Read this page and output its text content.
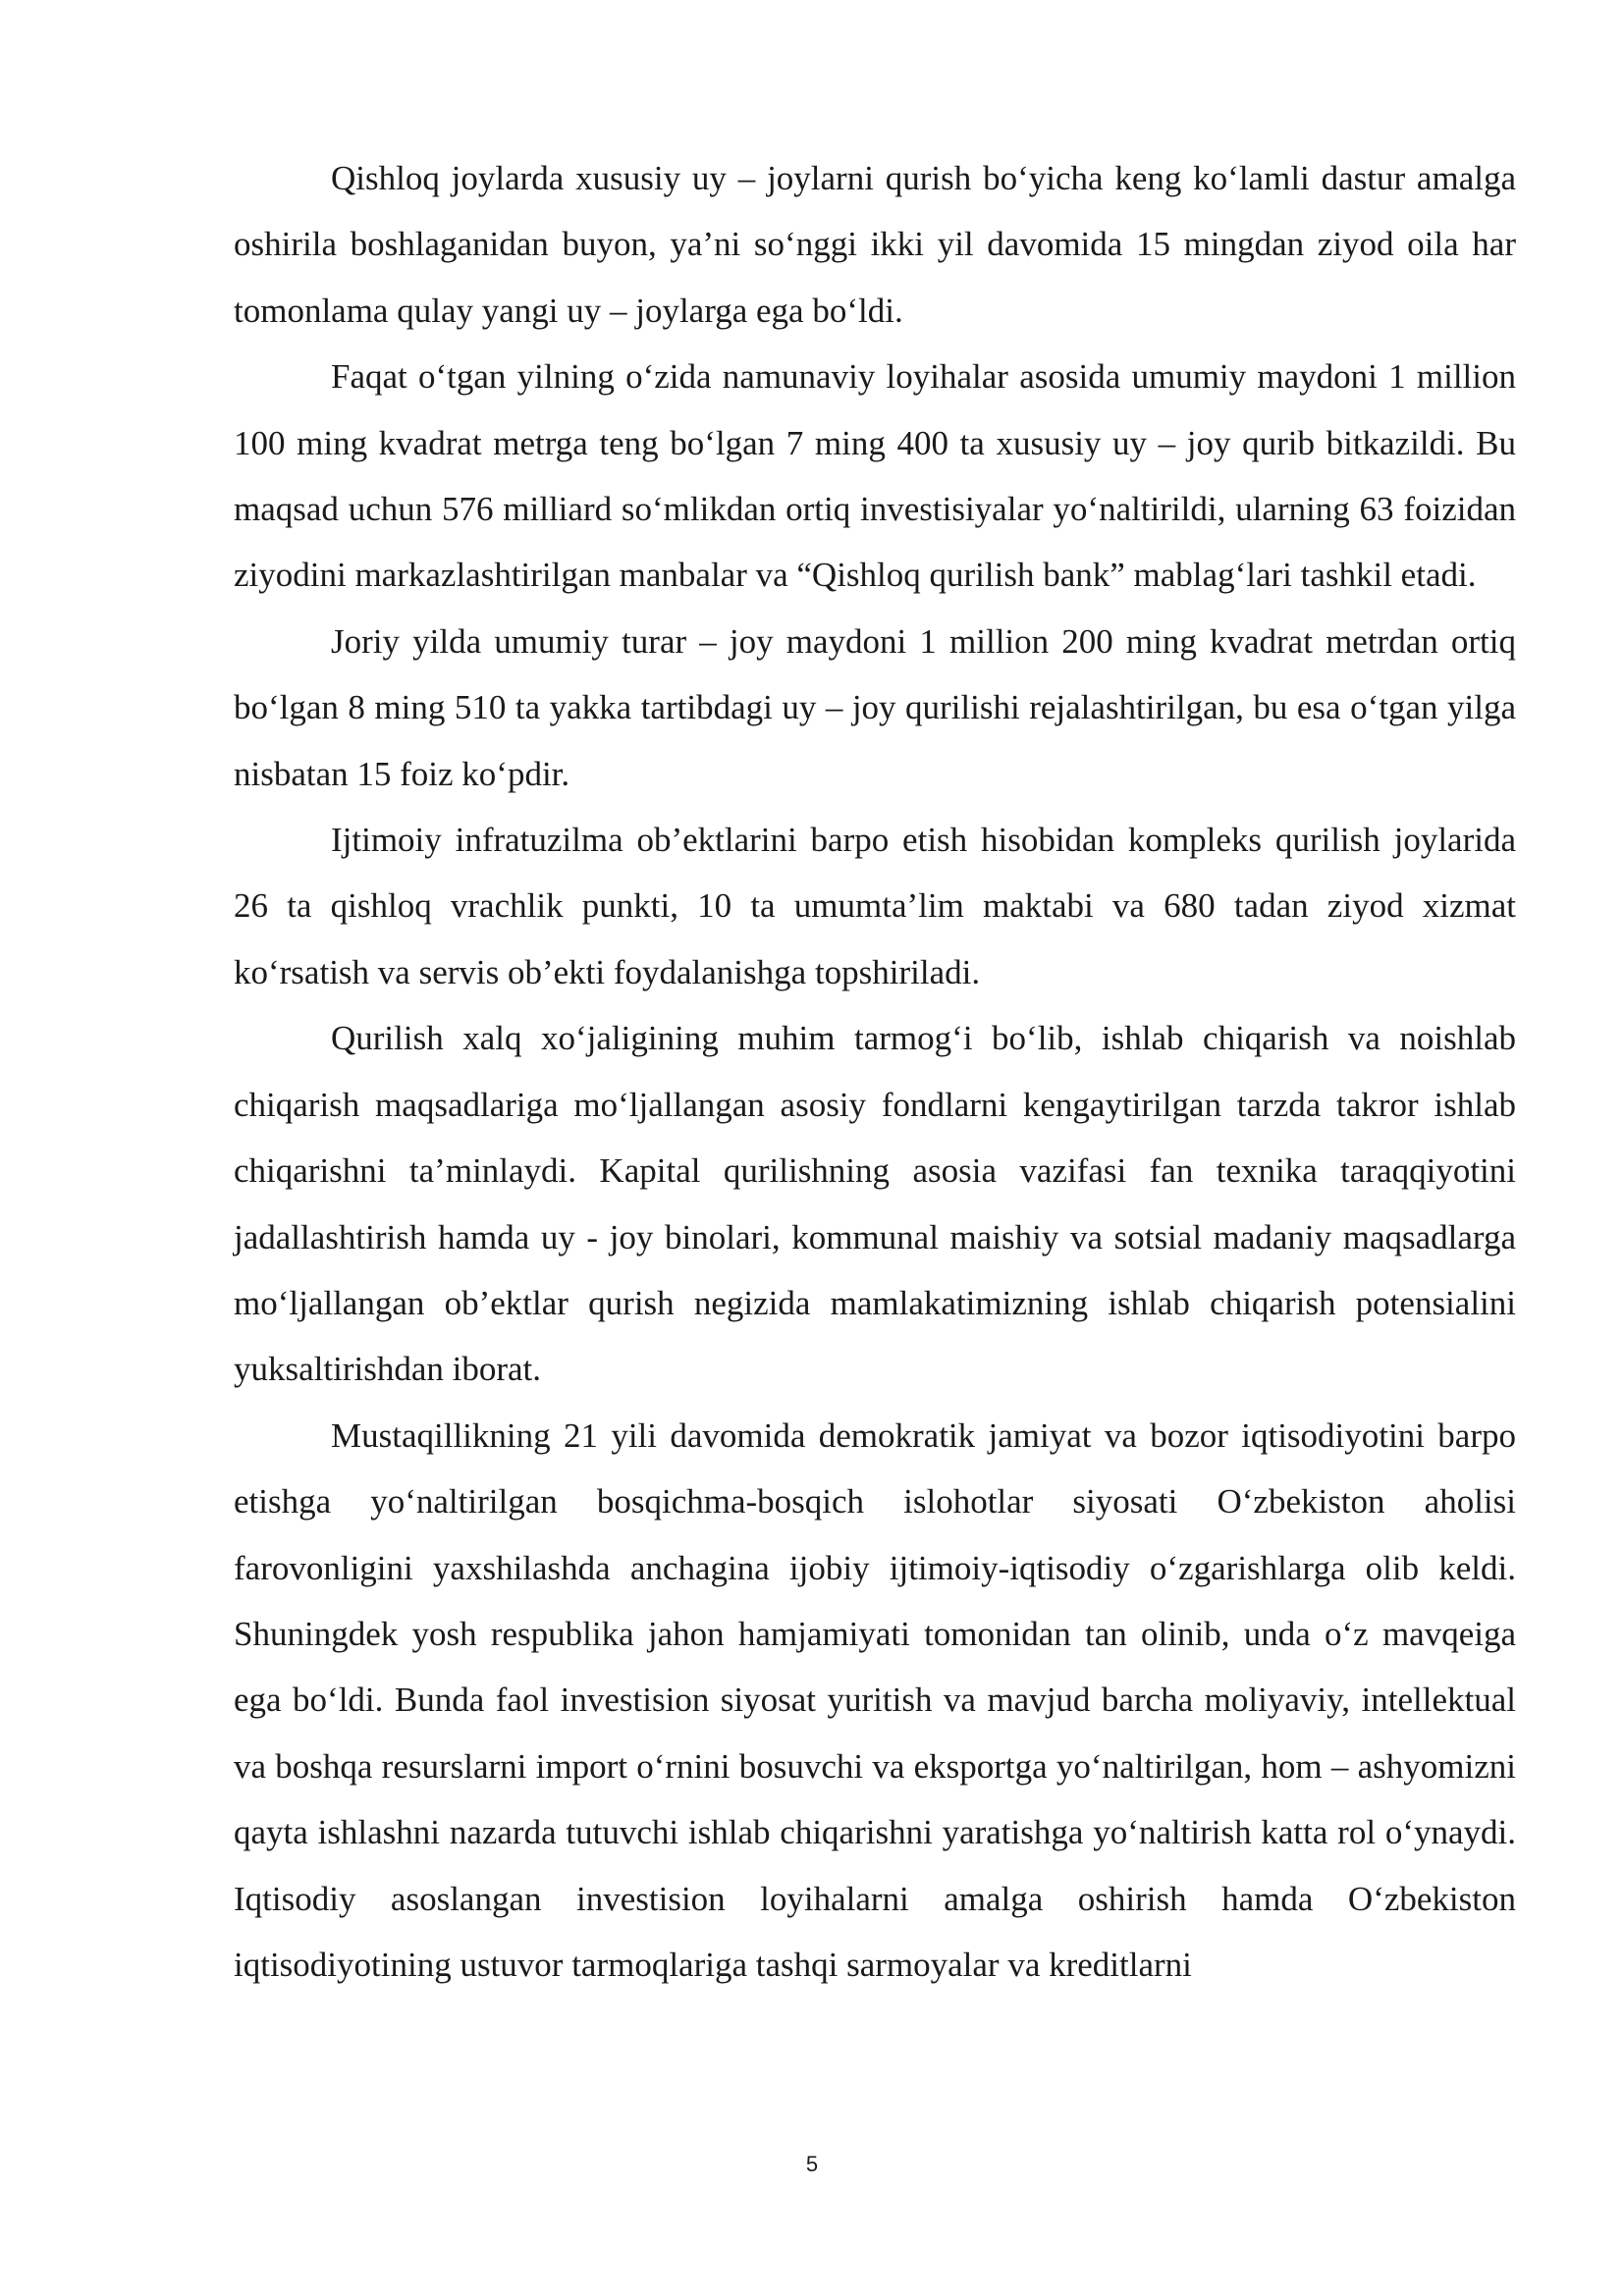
Qishloq joylarda xususiy uy – joylarni qurish bo‘yicha keng ko‘lamli dastur amalga oshirila boshlaganidan buyon, ya’ni so‘nggi ikki yil davomida 15 mingdan ziyod oila har tomonlama qulay yangi uy – joylarga ega bo‘ldi.

Faqat o‘tgan yilning o‘zida namunaviy loyihalar asosida umumiy maydoni 1 million 100 ming kvadrat metrga teng bo‘lgan 7 ming 400 ta xususiy uy – joy qurib bitkazildi. Bu maqsad uchun 576 milliard so‘mlikdan ortiq investisiyalar yo‘naltirildi, ularning 63 foizidan ziyodini markazlashtirilgan manbalar va “Qishloq qurilish bank” mablag‘lari tashkil etadi.

Joriy yilda umumiy turar – joy maydoni 1 million 200 ming kvadrat metrdan ortiq bo‘lgan 8 ming 510 ta yakka tartibdagi uy – joy qurilishi rejalashtirilgan, bu esa o‘tgan yilga nisbatan 15 foiz ko‘pdir.

Ijtimoiy infratuzilma ob’ektlarini barpo etish hisobidan kompleks qurilish joylarida 26 ta qishloq vrachlik punkti, 10 ta umumta’lim maktabi va 680 tadan ziyod xizmat ko‘rsatish va servis ob’ekti foydalanishga topshiriladi.

Qurilish xalq xo‘jaligining muhim tarmog‘i bo‘lib, ishlab chiqarish va noishlab chiqarish maqsadlariga mo‘ljallangan asosiy fondlarni kengaytirilgan tarzda takror ishlab chiqarishni ta’minlaydi. Kapital qurilishning asosia vazifasi fan texnika taraqqiyotini jadallashtirish hamda uy - joy binolari, kommunal maishiy va sotsial madaniy maqsadlarga mo‘ljallangan ob’ektlar qurish negizida mamlakatimizning ishlab chiqarish potensialini yuksaltirishdan iborat.

Mustaqillikning 21 yili davomida demokratik jamiyat va bozor iqtisodiyotini barpo etishga yo‘naltirilgan bosqichma-bosqich islohotlar siyosati O‘zbekiston aholisi farovonligini yaxshilashda anchagina ijobiy ijtimoiy-iqtisodiy o‘zgarishlarga olib keldi. Shuningdek yosh respublika jahon hamjamiyati tomonidan tan olinib, unda o‘z mavqeiga ega bo‘ldi. Bunda faol investision siyosat yuritish va mavjud barcha moliyaviy, intellektual va boshqa resurslarni import o‘rnini bosuvchi va eksportga yo‘naltirilgan, hom – ashyomizni qayta ishlashni nazarda tutuvchi ishlab chiqarishni yaratishga yo‘naltirish katta rol o‘ynaydi. Iqtisodiy asoslangan investision loyihalarni amalga oshirish hamda O‘zbekiston iqtisodiyotining ustuvor tarmoqlariga tashqi sarmoyalar va kreditlarni

5
